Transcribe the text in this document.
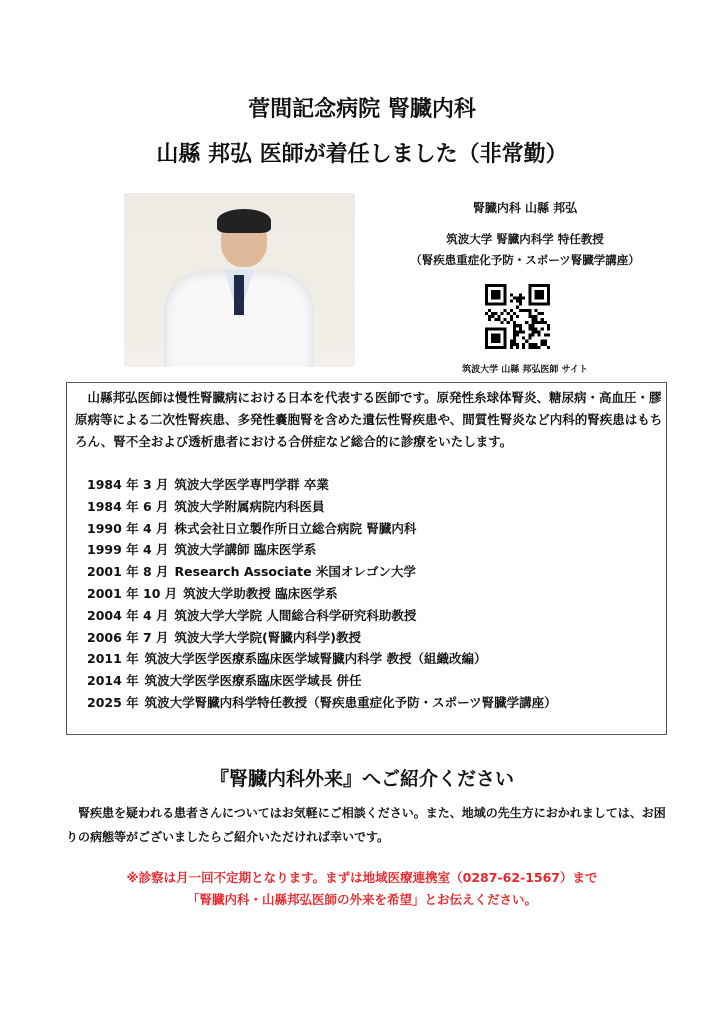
菅間記念病院 腎臓内科
山縣 邦弘 医師が着任しました（非常勤）
腎臓内科 山縣 邦弘
筑波大学 腎臓内科学 特任教授
（腎疾患重症化予防・スポーツ腎臓学講座）
筑波大学 山縣 邦弘医師 サイト
山縣邦弘医師は慢性腎臓病における日本を代表する医師です。原発性糸球体腎炎、糖尿病・高血圧・膠原病等による二次性腎疾患、多発性嚢胞腎を含めた遺伝性腎疾患や、間質性腎炎など内科的腎疾患はもちろん、腎不全および透析患者における合併症など総合的に診療をいたします。
1984 年 3 月 筑波大学医学専門学群 卒業
1984 年 6 月 筑波大学附属病院内科医員
1990 年 4 月 株式会社日立製作所日立総合病院 腎臓内科
1999 年 4 月 筑波大学講師 臨床医学系
2001 年 8 月 Research Associate 米国オレゴン大学
2001 年 10 月 筑波大学助教授 臨床医学系
2004 年 4 月 筑波大学大学院 人間総合科学研究科助教授
2006 年 7 月 筑波大学大学院(腎臓内科学)教授
2011 年 筑波大学医学医療系臨床医学域腎臓内科学 教授（組織改編）
2014 年 筑波大学医学医療系臨床医学域長 併任
2025 年 筑波大学腎臓内科学特任教授（腎疾患重症化予防・スポーツ腎臓学講座）
『腎臓内科外来』へご紹介ください
腎疾患を疑われる患者さんについてはお気軽にご相談ください。また、地域の先生方におかれましては、お困りの病態等がございましたらご紹介いただければ幸いです。
※診察は月一回不定期となります。まずは地域医療連携室（0287-62-1567）まで
「腎臓内科・山縣邦弘医師の外来を希望」とお伝えください。
